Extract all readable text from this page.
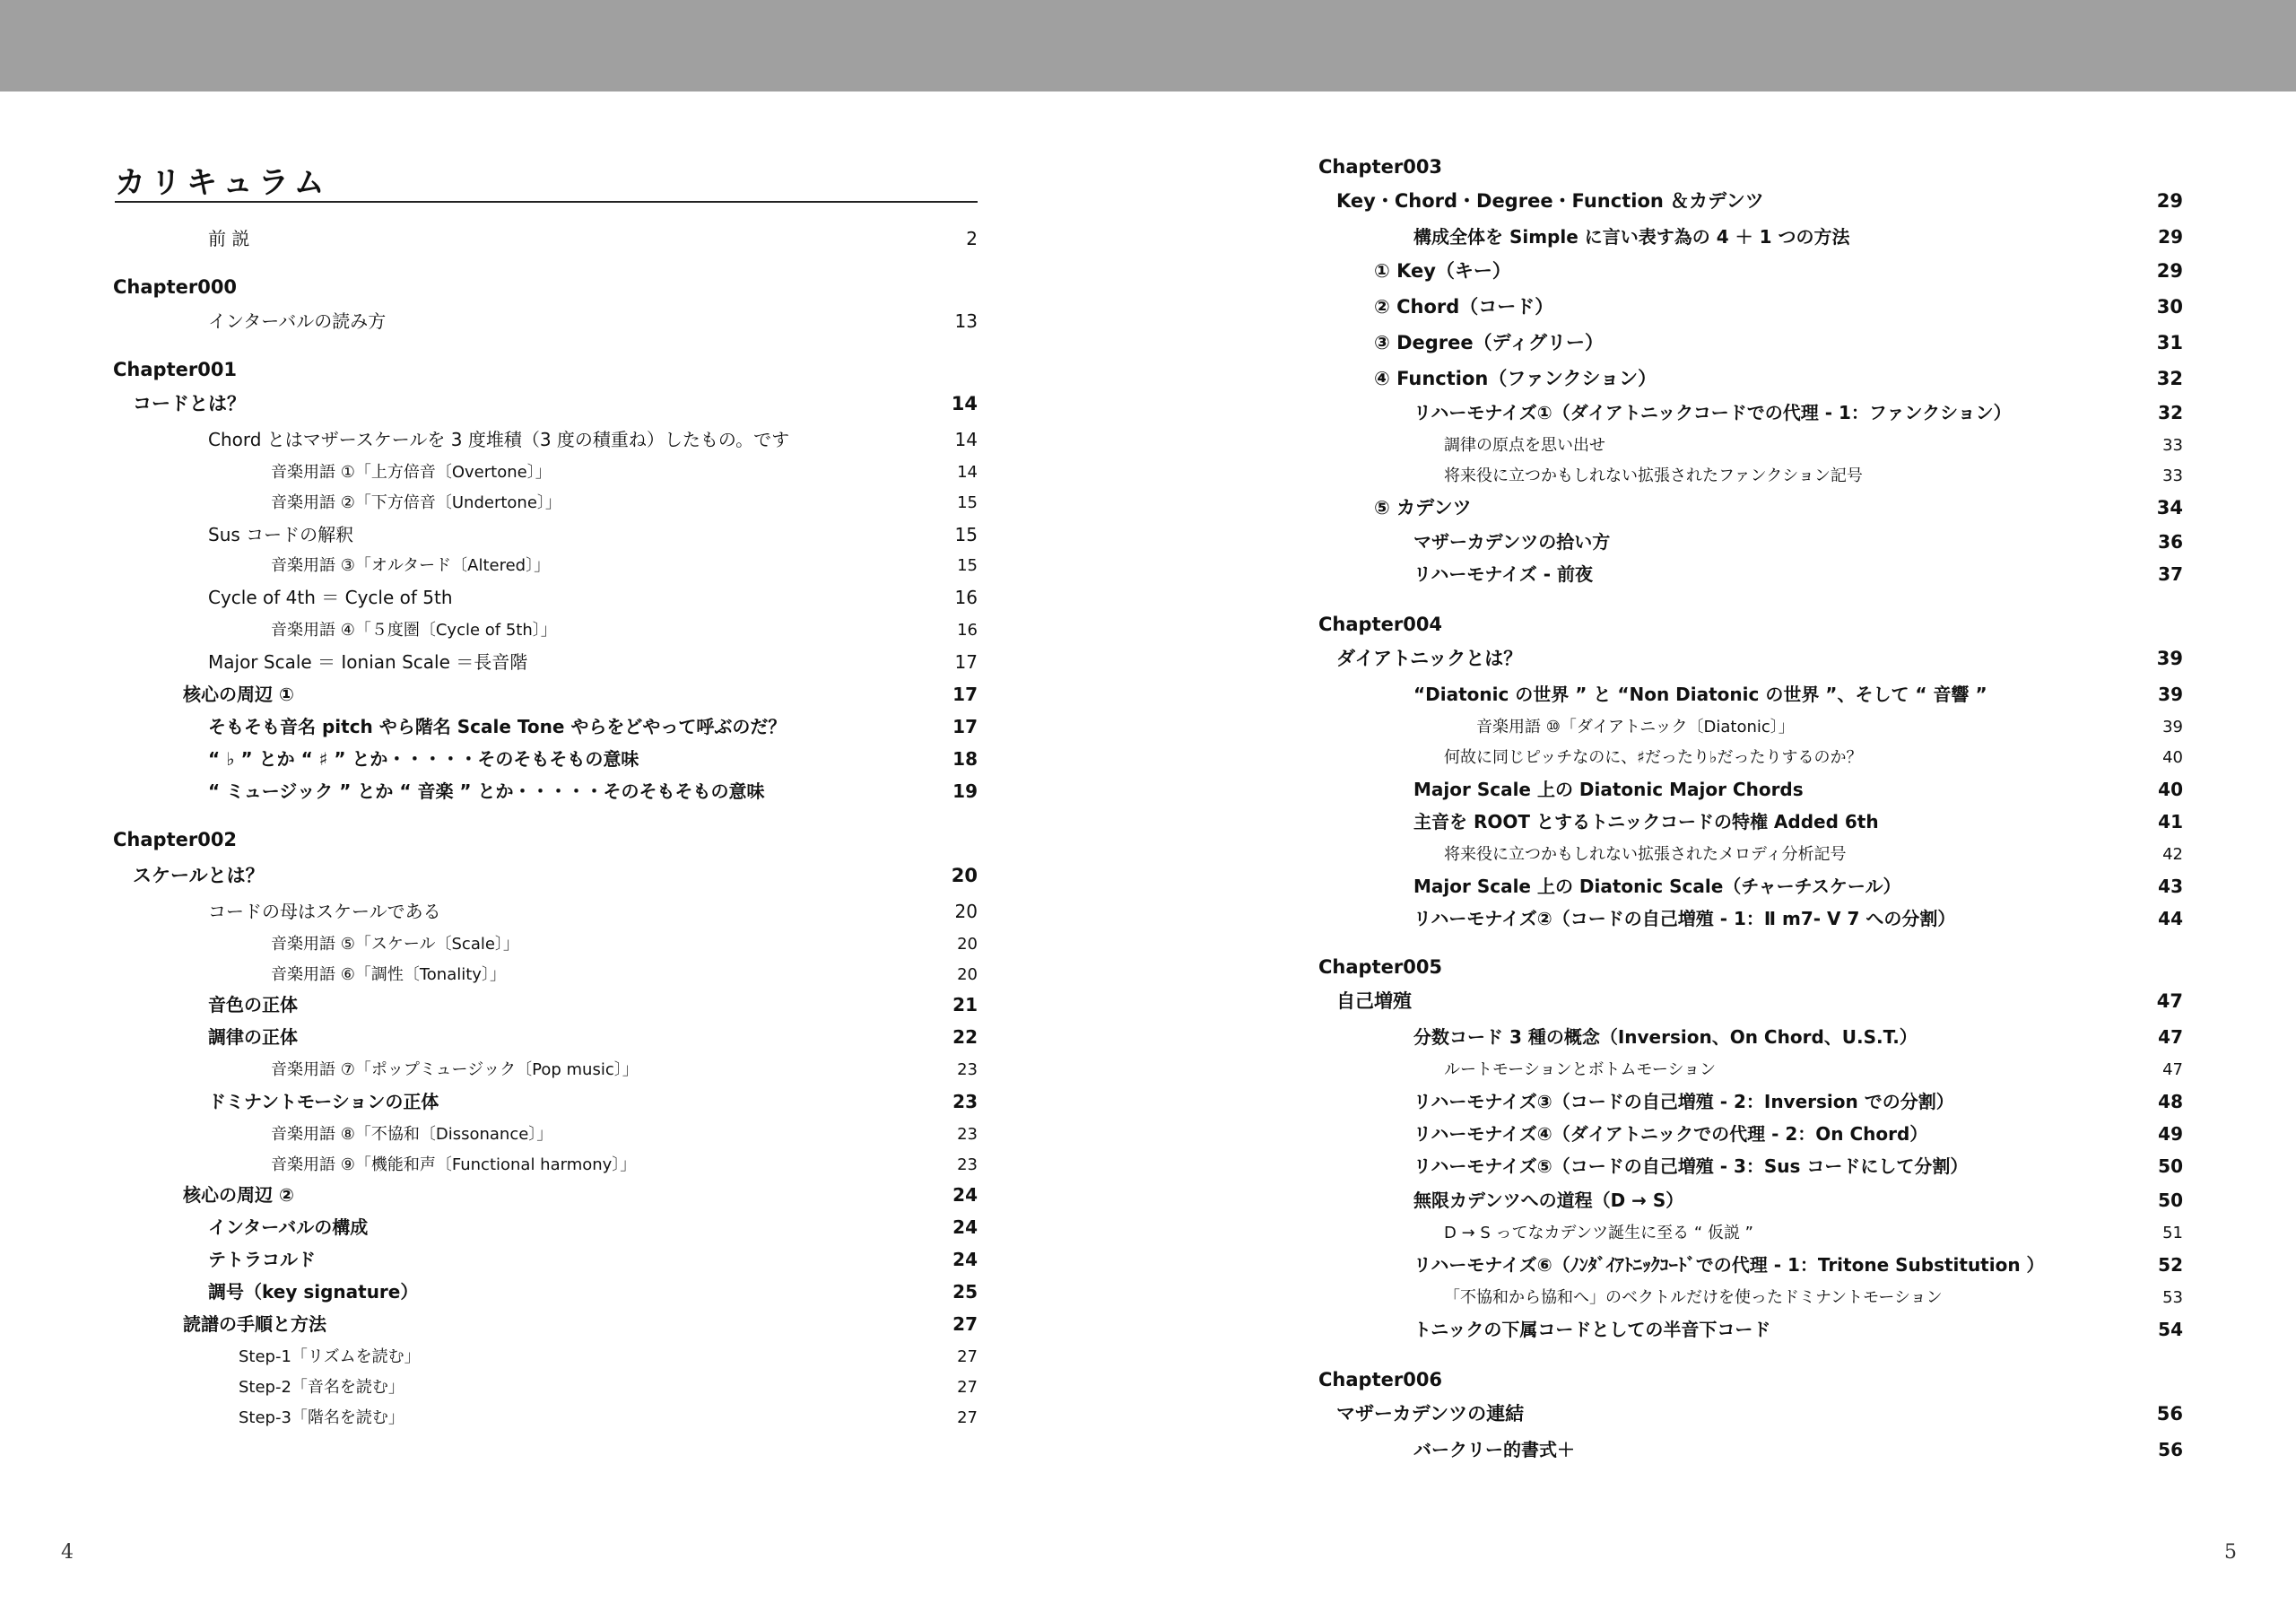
カリキュラム
前 説	2
Chapter000
インターバルの読み方	13
Chapter001
コードとは？	14
Chord とはマザースケールを 3 度堆積（3 度の積重ね）したもの。です	14
音楽用語 ①「上方倍音〔Overtone〕」	14
音楽用語 ②「下方倍音〔Undertone〕」	15
Sus コードの解釈	15
音楽用語 ③「オルタード〔Altered〕」	15
Cycle of 4th ＝ Cycle of 5th	16
音楽用語 ④「５度圏〔Cycle of 5th〕」	16
Major Scale ＝ Ionian Scale ＝長音階	17
核心の周辺 ①	17
そもそも音名 pitch やら階名 Scale Tone やらをどやって呼ぶのだ？	17
“ ♭ ” とか “ ♯ ” とか・・・・・そのそもそもの意味	18
“ ミュージック ” とか “ 音楽 ” とか・・・・・そのそもそもの意味	19
Chapter002
スケールとは？	20
コードの母はスケールである	20
音楽用語 ⑤「スケール〔Scale〕」	20
音楽用語 ⑥「調性〔Tonality〕」	20
音色の正体	21
調律の正体	22
音楽用語 ⑦「ポップミュージック〔Pop music〕」	23
ドミナントモーションの正体	23
音楽用語 ⑧「不協和〔Dissonance〕」	23
音楽用語 ⑨「機能和声〔Functional harmony〕」	23
核心の周辺 ②	24
インターバルの構成	24
テトラコルド	24
調号（key signature）	25
読譜の手順と方法	27
Step-1「リズムを読む」	27
Step-2「音名を読む」	27
Step-3「階名を読む」	27
4
Chapter003
Key・Chord・Degree・Function ＆カデンツ	29
構成全体を Simple に言い表す為の 4 ＋ 1 つの方法	29
① Key（キー）	29
② Chord（コード）	30
③ Degree（ディグリー）	31
④ Function（ファンクション）	32
リハーモナイズ①（ダイアトニックコードでの代理 - 1：ファンクション）	32
調律の原点を思い出せ	33
将来役に立つかもしれない拡張されたファンクション記号	33
⑤ カデンツ	34
マザーカデンツの拾い方	36
リハーモナイズ - 前夜	37
Chapter004
ダイアトニックとは？	39
“Diatonic の世界 ” と “Non Diatonic の世界 ”、そして “ 音響 ”	39
音楽用語 ⑩「ダイアトニック〔Diatonic〕」	39
何故に同じピッチなのに、♯だったり♭だったりするのか？	40
Major Scale 上の Diatonic Major Chords	40
主音を ROOT とするトニックコードの特権 Added 6th	41
将来役に立つかもしれない拡張されたメロディ分析記号	42
Major Scale 上の Diatonic Scale（チャーチスケール）	43
リハーモナイズ②（コードの自己増殖 - 1：Ⅱ m7- Ⅴ 7 への分割）	44
Chapter005
自己増殖	47
分数コード 3 種の概念（Inversion、On Chord、U.S.T.）	47
ルートモーションとボトムモーション	47
リハーモナイズ③（コードの自己増殖 - 2：Inversion での分割）	48
リハーモナイズ④（ダイアトニックでの代理 - 2：On Chord）	49
リハーモナイズ⑤（コードの自己増殖 - 3：Sus コードにして分割）	50
無限カデンツへの道程（D → S）	50
D → S ってなカデンツ誕生に至る “ 仮説 ”	51
リハーモナイズ⑥（ﾉﾝﾀﾞｲｱﾄﾆｯｸｺｰﾄﾞでの代理 - 1：Tritone Substitution ）	52
「不協和から協和へ」のベクトルだけを使ったドミナントモーション	53
トニックの下属コードとしての半音下コード	54
Chapter006
マザーカデンツの連結	56
バークリー的書式＋	56
5
